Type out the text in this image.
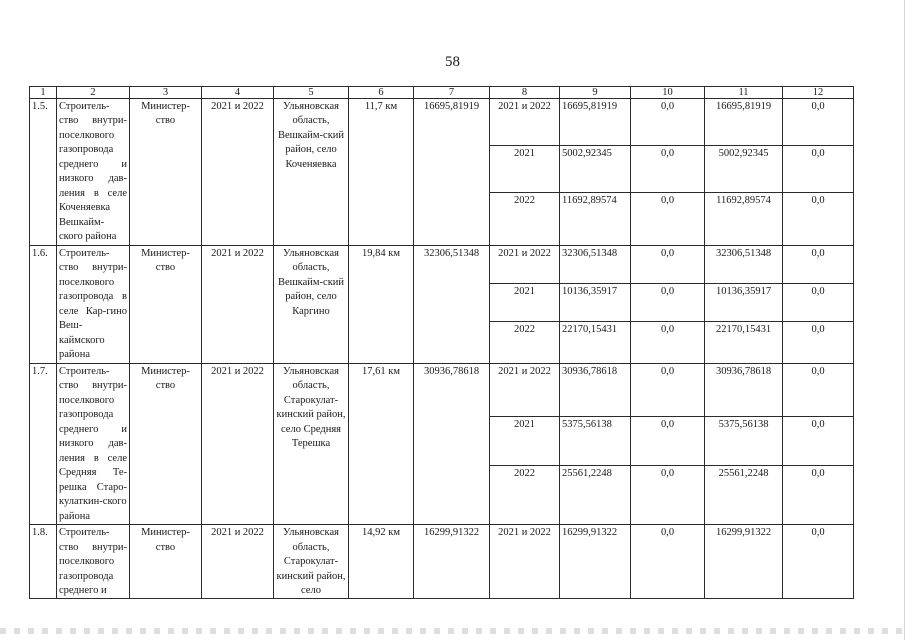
58
1	2	3	4	5	6	7	8	9	10	11	12
1.5.	Строитель-ство внутри-поселкового газопровода среднего и низкого дав-ления в селе Коченяевка Вешкайм-ского района	Министер-ство	2021 и 2022	Ульяновская область, Вешкайм-ский район, село Коченяевка	11,7 км	16695,81919	2021 и 2022	16695,81919	0,0	16695,81919	0,0
							2021	5002,92345	0,0	5002,92345	0,0
							2022	11692,89574	0,0	11692,89574	0,0
1.6.	Строитель-ство внутри-поселкового газопровода в селе Кар-гино Веш-каймского района	Министер-ство	2021 и 2022	Ульяновская область, Вешкайм-ский район, село Каргино	19,84 км	32306,51348	2021 и 2022	32306,51348	0,0	32306,51348	0,0
							2021	10136,35917	0,0	10136,35917	0,0
							2022	22170,15431	0,0	22170,15431	0,0
1.7.	Строитель-ство внутри-поселкового газопровода среднего и низкого дав-ления в селе Средняя Те-решка Старо-кулаткин-ского района	Министер-ство	2021 и 2022	Ульяновская область, Старокулат-кинский район, село Средняя Терешка	17,61 км	30936,78618	2021 и 2022	30936,78618	0,0	30936,78618	0,0
							2021	5375,56138	0,0	5375,56138	0,0
							2022	25561,2248	0,0	25561,2248	0,0
1.8.	Строитель-ство внутри-поселкового газопровода среднего и	Министер-ство	2021 и 2022	Ульяновская область, Старокулат-кинский район, село	14,92 км	16299,91322	2021 и 2022	16299,91322	0,0	16299,91322	0,0
